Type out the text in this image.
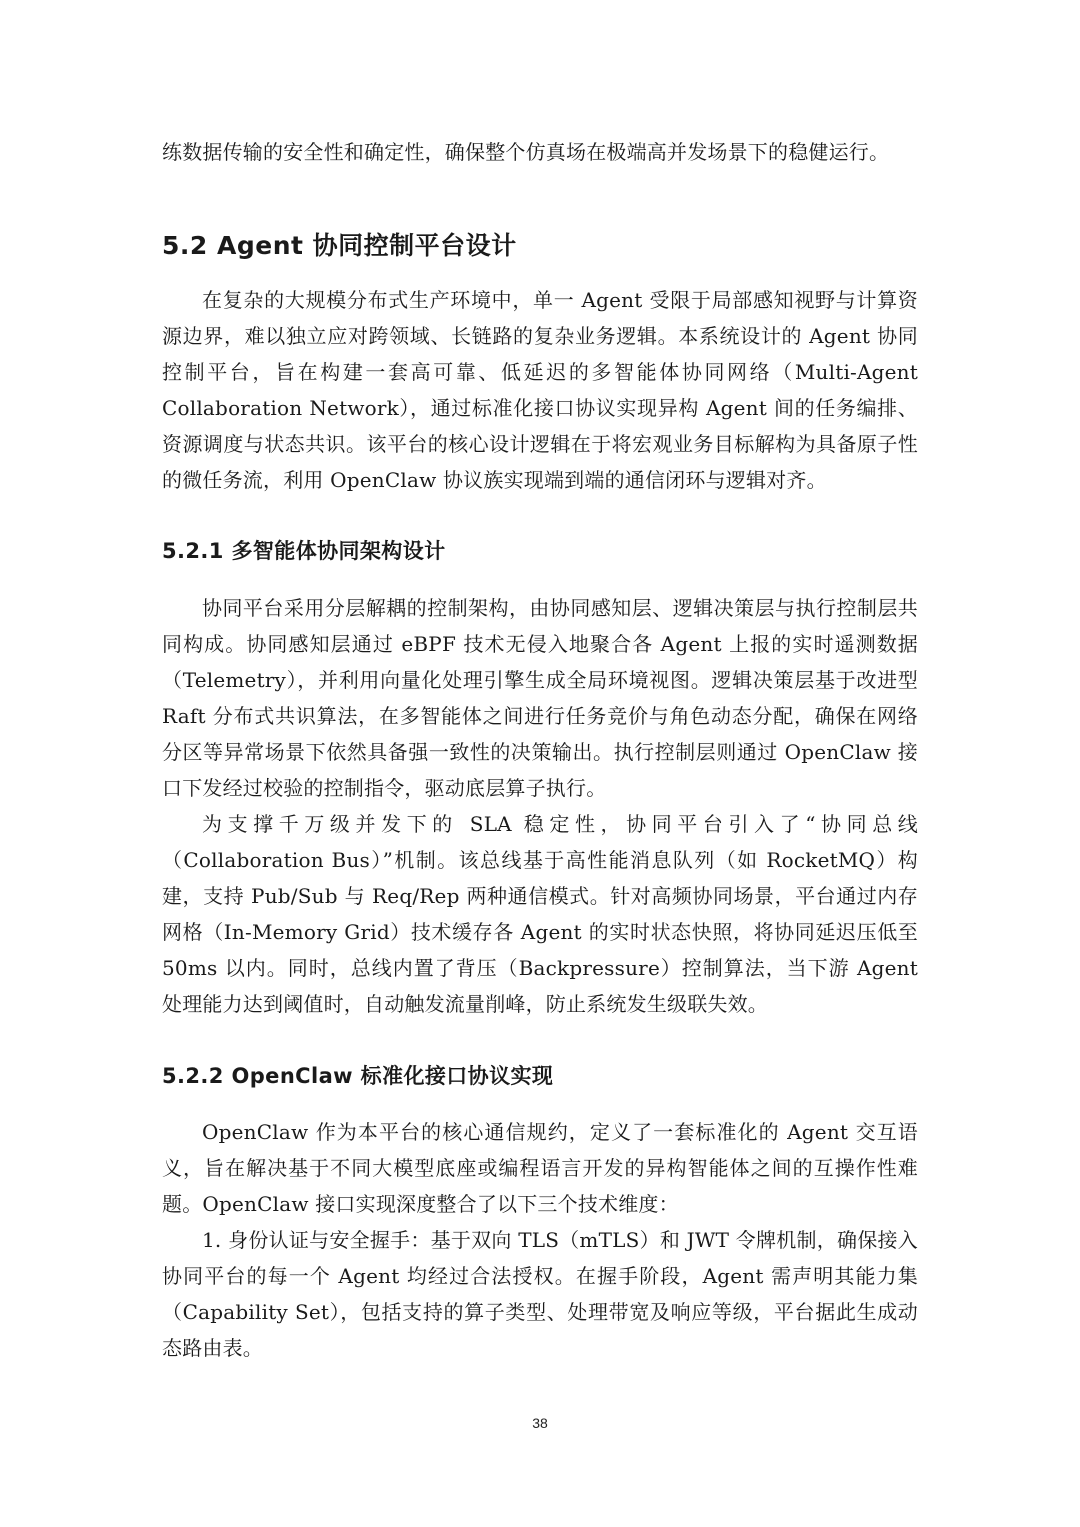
练数据传输的安全性和确定性，确保整个仿真场在极端高并发场景下的稳健运行。

5.2 Agent 协同控制平台设计

在复杂的大规模分布式生产环境中，单一 Agent 受限于局部感知视野与计算资源边界，难以独立应对跨领域、长链路的复杂业务逻辑。本系统设计的 Agent 协同控制平台，旨在构建一套高可靠、低延迟的多智能体协同网络（Multi-Agent Collaboration Network），通过标准化接口协议实现异构 Agent 间的任务编排、资源调度与状态共识。该平台的核心设计逻辑在于将宏观业务目标解构为具备原子性的微任务流，利用 OpenClaw 协议族实现端到端的通信闭环与逻辑对齐。

5.2.1 多智能体协同架构设计

协同平台采用分层解耦的控制架构，由协同感知层、逻辑决策层与执行控制层共同构成。协同感知层通过 eBPF 技术无侵入地聚合各 Agent 上报的实时遥测数据（Telemetry），并利用向量化处理引擎生成全局环境视图。逻辑决策层基于改进型 Raft 分布式共识算法，在多智能体之间进行任务竞价与角色动态分配，确保在网络分区等异常场景下依然具备强一致性的决策输出。执行控制层则通过 OpenClaw 接口下发经过校验的控制指令，驱动底层算子执行。

为支撑千万级并发下的 SLA 稳定性，协同平台引入了“协同总线（Collaboration Bus）”机制。该总线基于高性能消息队列（如 RocketMQ）构建，支持 Pub/Sub 与 Req/Rep 两种通信模式。针对高频协同场景，平台通过内存网格（In-Memory Grid）技术缓存各 Agent 的实时状态快照，将协同延迟压低至 50ms 以内。同时，总线内置了背压（Backpressure）控制算法，当下游 Agent 处理能力达到阈值时，自动触发流量削峰，防止系统发生级联失效。

5.2.2 OpenClaw 标准化接口协议实现

OpenClaw 作为本平台的核心通信规约，定义了一套标准化的 Agent 交互语义，旨在解决基于不同大模型底座或编程语言开发的异构智能体之间的互操作性难题。OpenClaw 接口实现深度整合了以下三个技术维度：

1. 身份认证与安全握手：基于双向 TLS（mTLS）和 JWT 令牌机制，确保接入协同平台的每一个 Agent 均经过合法授权。在握手阶段，Agent 需声明其能力集（Capability Set），包括支持的算子类型、处理带宽及响应等级，平台据此生成动态路由表。

38
